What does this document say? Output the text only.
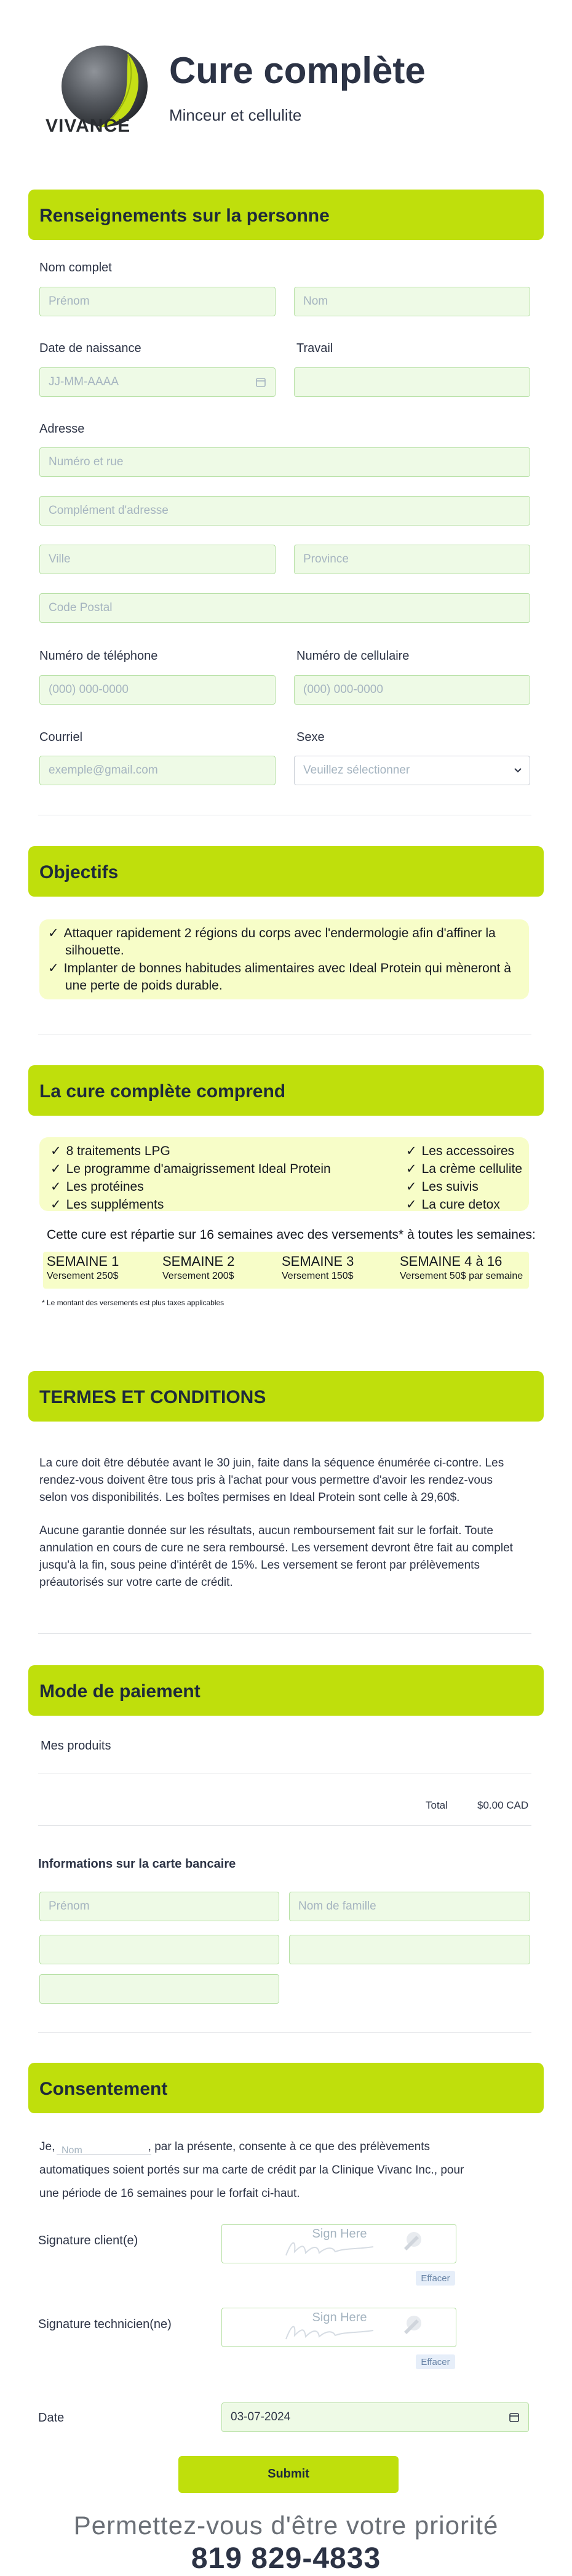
VIVANCE
Cure complète
Minceur et cellulite
Renseignements sur la personne
Nom complet
Prénom	Nom
Date de naissance
JJ-MM-AAAA
Travail
Adresse
Numéro et rue
Complément d'adresse
Ville	Province
Code Postal
Numéro de téléphone
(000) 000-0000
Numéro de cellulaire
(000) 000-0000
Courriel
exemple@gmail.com
Sexe
Veuillez sélectionner
Objectifs
✓ Attaquer rapidement 2 régions du corps avec l'endermologie afin d'affiner la
silhouette.
✓ Implanter de bonnes habitudes alimentaires avec Ideal Protein qui mèneront à
une perte de poids durable.
La cure complète comprend
✓ 8 traitements LPG
✓ Le programme d'amaigrissement Ideal Protein
✓ Les protéines
✓ Les suppléments
✓ Les accessoires
✓ La crème cellulite
✓ Les suivis
✓ La cure detox
Cette cure est répartie sur 16 semaines avec des versements* à toutes les semaines:
SEMAINE 1
Versement 250$
SEMAINE 2
Versement 200$
SEMAINE 3
Versement 150$
SEMAINE 4 à 16
Versement 50$ par semaine
* Le montant des versements est plus taxes applicables
TERMES ET CONDITIONS
La cure doit être débutée avant le 30 juin, faite dans la séquence énumérée ci-contre. Les
rendez-vous doivent être tous pris à l'achat pour vous permettre d'avoir les rendez-vous
selon vos disponibilités. Les boîtes permises en Ideal Protein sont celle à 29,60$.
Aucune garantie donnée sur les résultats, aucun remboursement fait sur le forfait. Toute
annulation en cours de cure ne sera remboursé. Les versement devront être fait au complet
jusqu'à la fin, sous peine d'intérêt de 15%. Les versement se feront par prélèvements
préautorisés sur votre carte de crédit.
Mode de paiement
Mes produits
Total	$0.00 CAD
Informations sur la carte bancaire
Prénom	Nom de famille
Consentement
Je, Nom	, par la présente, consente à ce que des prélèvements
automatiques soient portés sur ma carte de crédit par la Clinique Vivanc Inc., pour
une période de 16 semaines pour le forfait ci-haut.
Signature client(e)	Sign Here
Effacer
Signature technicien(ne)	Sign Here
Effacer
Date	03-07-2024
Submit
Permettez-vous d'être votre priorité
819 829-4833
